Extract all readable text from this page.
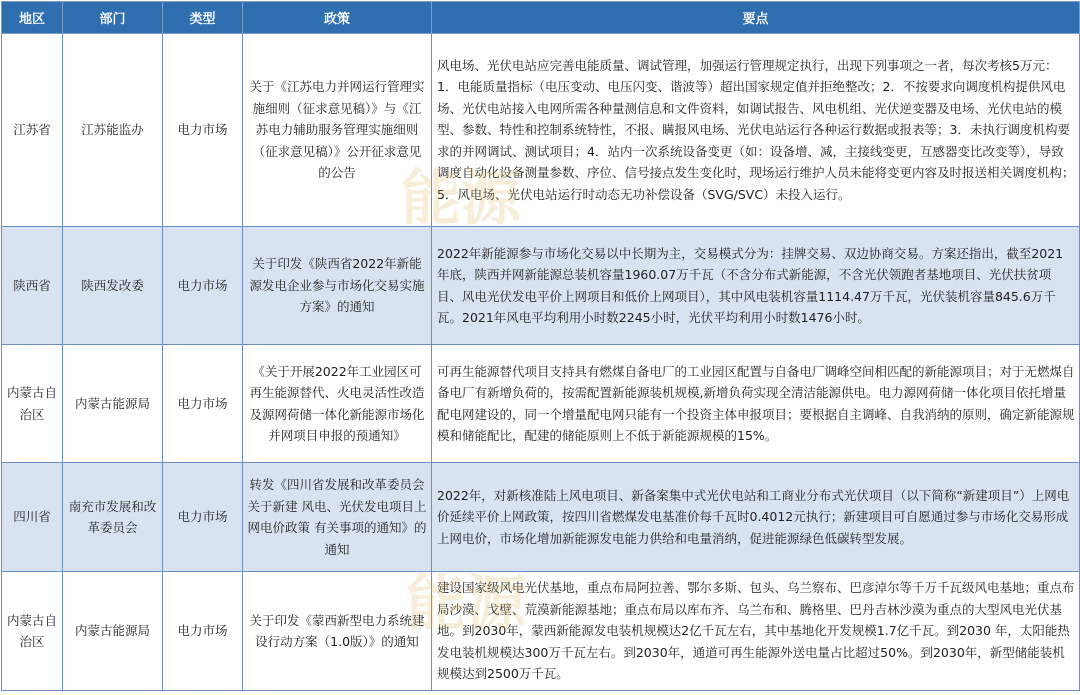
地区	部门	类型	政策	要点
江苏省	江苏能监办	电力市场	关于《江苏电力并网运行管理实施细则（征求意见稿）》与《江苏电力辅助服务管理实施细则（征求意见稿）》公开征求意见的公告	风电场、光伏电站应完善电能质量、调试管理，加强运行管理规定执行，出现下列事项之一者，每次考核5万元：1．电能质量指标（电压变动、电压闪变、谐波等）超出国家规定值并拒绝整改；2．不按要求向调度机构提供风电场、光伏电站接入电网所需各种量测信息和文件资料，如调试报告、风电机组、光伏逆变器及电场、光伏电站的模型、参数、特性和控制系统特性，不报、瞒报风电场、光伏电站运行各种运行数据或报表等；3．未执行调度机构要求的并网调试、测试项目；4．站内一次系统设备变更（如：设备增、减，主接线变更，互感器变比改变等），导致调度自动化设备测量参数、序位、信号接点发生变化时，现场运行维护人员未能将变更内容及时报送相关调度机构；5．风电场、光伏电站运行时动态无功补偿设备（SVG/SVC）未投入运行。
陕西省	陕西发改委	电力市场	关于印发《陕西省2022年新能源发电企业参与市场化交易实施方案》的通知	2022年新能源参与市场化交易以中长期为主，交易模式分为：挂牌交易、双边协商交易。方案还指出，截至2021年底，陕西并网新能源总装机容量1960.07万千瓦（不含分布式新能源，不含光伏领跑者基地项目、光伏扶贫项目、风电光伏发电平价上网项目和低价上网项目），其中风电装机容量1114.47万千瓦，光伏装机容量845.6万千瓦。2021年风电平均利用小时数2245小时，光伏平均利用小时数1476小时。
内蒙古自治区	内蒙古能源局	电力市场	《关于开展2022年工业园区可再生能源替代、火电灵活性改造及源网荷储一体化新能源市场化并网项目申报的预通知》	可再生能源替代项目支持具有燃煤自备电厂的工业园区配置与自备电厂调峰空间相匹配的新能源项目；对于无燃煤自备电厂有新增负荷的，按需配置新能源装机规模,新增负荷实现全清洁能源供电。电力源网荷储一体化项目依托增量配电网建设的，同一个增量配电网只能有一个投资主体申报项目；要根据自主调峰、自我消纳的原则，确定新能源规模和储能配比，配建的储能原则上不低于新能源规模的15%。
四川省	南充市发展和改革委员会	电力市场	转发《四川省发展和改革委员会关于新建 风电、光伏发电项目上网电价政策 有关事项的通知》的通知	2022年，对新核准陆上风电项目、新备案集中式光伏电站和工商业分布式光伏项目（以下简称“新建项目”）上网电价延续平价上网政策，按四川省燃煤发电基准价每千瓦时0.4012元执行；新建项目可自愿通过参与市场化交易形成上网电价，市场化增加新能源发电能力供给和电量消纳，促进能源绿色低碳转型发展。
内蒙古自治区	内蒙古能源局	电力市场	关于印发《蒙西新型电力系统建设行动方案（1.0版）》的通知	建设国家级风电光伏基地，重点布局阿拉善、鄂尔多斯、包头、乌兰察布、巴彦淖尔等千万千瓦级风电基地；重点布局沙漠、戈壁、荒漠新能源基地；重点布局以库布齐、乌兰布和、腾格里、巴丹吉林沙漠为重点的大型风电光伏基地。到2030年，蒙西新能源发电装机规模达2亿千瓦左右，其中基地化开发规模1.7亿千瓦。到2030 年，太阳能热发电装机规模达300万千瓦左右。到2030年，通道可再生能源外送电量占比超过50%。到2030年，新型储能装机规模达到2500万千瓦。
能源
能源
